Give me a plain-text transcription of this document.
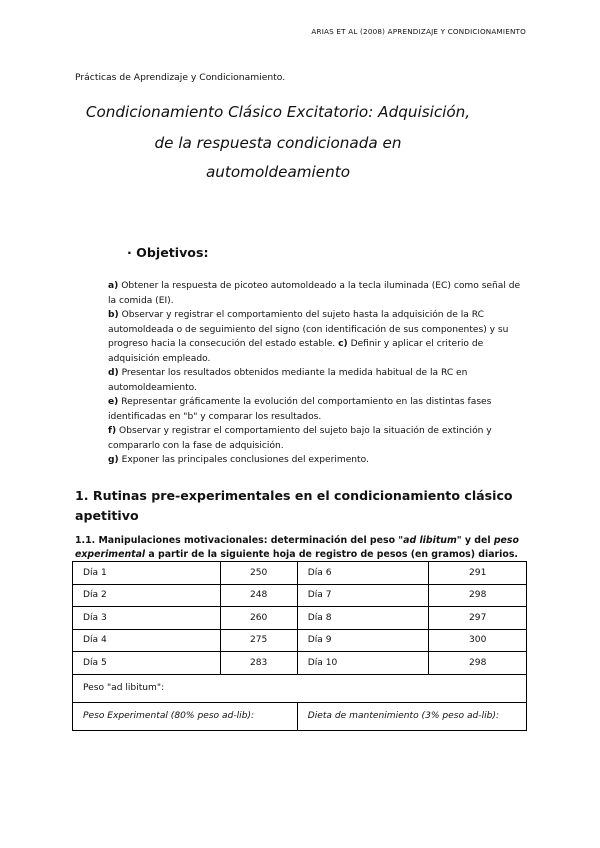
ARIAS ET AL (2008) APRENDIZAJE Y CONDICIONAMIENTO
Prácticas de Aprendizaje y Condicionamiento.
Condicionamiento Clásico Excitatorio: Adquisición,
de la respuesta condicionada en
automoldeamiento
· Objetivos:

a) Obtener la respuesta de picoteo automoldeado a la tecla iluminada (EC) como señal de la comida (EI).

b) Observar y registrar el comportamiento del sujeto hasta la adquisición de la RC automoldeada o de seguimiento del signo (con identificación de sus componentes) y su progreso hacia la consecución del estado estable. c) Definir y aplicar el criterio de adquisición empleado.

d) Presentar los resultados obtenidos mediante la medida habitual de la RC en automoldeamiento.

e) Representar gráficamente la evolución del comportamiento en las distintas fases identificadas en "b" y comparar los resultados.

f) Observar y registrar el comportamiento del sujeto bajo la situación de extinción y compararlo con la fase de adquisición.

g) Exponer las principales conclusiones del experimento.

1. Rutinas pre-experimentales en el condicionamiento clásico apetitivo
1.1. Manipulaciones motivacionales: determinación del peso "ad libitum" y del peso experimental a partir de la siguiente hoja de registro de pesos (en gramos) diarios.
Día 1	250	Día 6	291
Día 2	248	Día 7	298
Día 3	260	Día 8	297
Día 4	275	Día 9	300
Día 5	283	Día 10	298
Peso "ad libitum":			
Peso Experimental (80% peso ad-lib):		Dieta de mantenimiento (3% peso ad-lib):	
